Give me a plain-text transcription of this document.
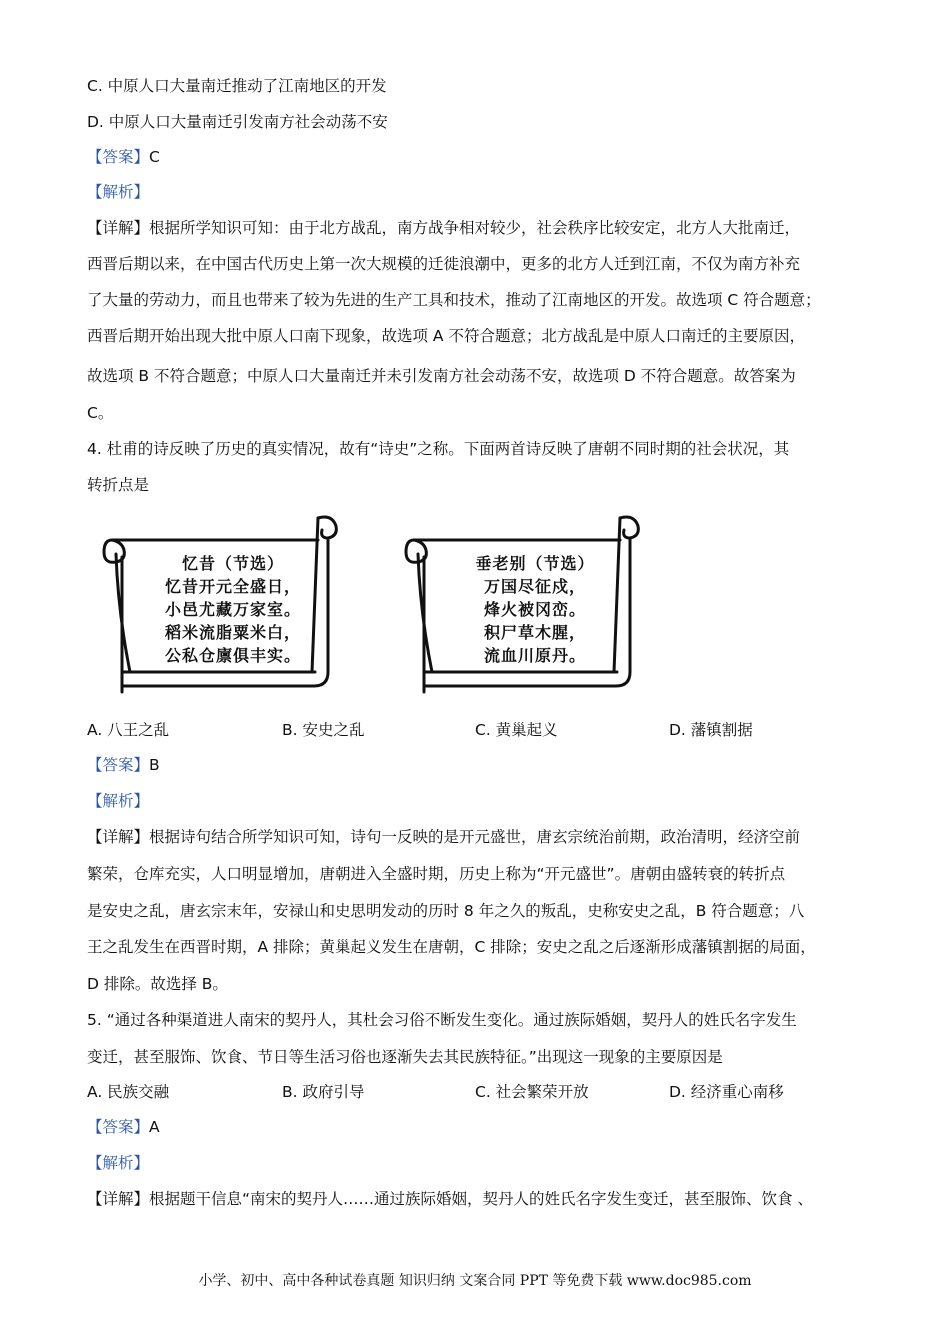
C. 中原人口大量南迁推动了江南地区的开发
D. 中原人口大量南迁引发南方社会动荡不安
【答案】C
【解析】
【详解】根据所学知识可知：由于北方战乱，南方战争相对较少，社会秩序比较安定，北方人大批南迁，
西晋后期以来，在中国古代历史上第一次大规模的迁徙浪潮中，更多的北方人迁到江南，不仅为南方补充
了大量的劳动力，而且也带来了较为先进的生产工具和技术，推动了江南地区的开发。故选项 C 符合题意；
西晋后期开始出现大批中原人口南下现象，故选项 A 不符合题意；北方战乱是中原人口南迁的主要原因，
故选项 B 不符合题意；中原人口大量南迁并未引发南方社会动荡不安，故选项 D 不符合题意。故答案为
C。
4. 杜甫的诗反映了历史的真实情况，故有“诗史”之称。下面两首诗反映了唐朝不同时期的社会状况，其
转折点是
忆昔（节选）
忆昔开元全盛日，
小邑尤藏万家室。
稻米流脂粟米白，
公私仓廪俱丰实。
垂老别（节选）
万国尽征戍，
烽火被冈峦。
积尸草木腥，
流血川原丹。
A. 八王之乱	B. 安史之乱	C. 黄巢起义	D. 藩镇割据
【答案】B
【解析】
【详解】根据诗句结合所学知识可知，诗句一反映的是开元盛世，唐玄宗统治前期，政治清明，经济空前
繁荣，仓库充实，人口明显增加，唐朝进入全盛时期，历史上称为“开元盛世”。唐朝由盛转衰的转折点
是安史之乱，唐玄宗末年，安禄山和史思明发动的历时 8 年之久的叛乱，史称安史之乱，B 符合题意；八
王之乱发生在西晋时期，A 排除；黄巢起义发生在唐朝，C 排除；安史之乱之后逐渐形成藩镇割据的局面，
D 排除。故选择 B。
5. “通过各种渠道进人南宋的契丹人，其杜会习俗不断发生变化。通过族际婚姻，契丹人的姓氏名字发生
变迁，甚至服饰、饮食、节日等生活习俗也逐渐失去其民族特征。”出现这一现象的主要原因是
A. 民族交融	B. 政府引导	C. 社会繁荣开放	D. 经济重心南移
【答案】A
【解析】
【详解】根据题干信息“南宋的契丹人……通过族际婚姻，契丹人的姓氏名字发生变迁，甚至服饰、饮食 、
小学、初中、高中各种试卷真题 知识归纳 文案合同 PPT 等免费下载 www.doc985.com
